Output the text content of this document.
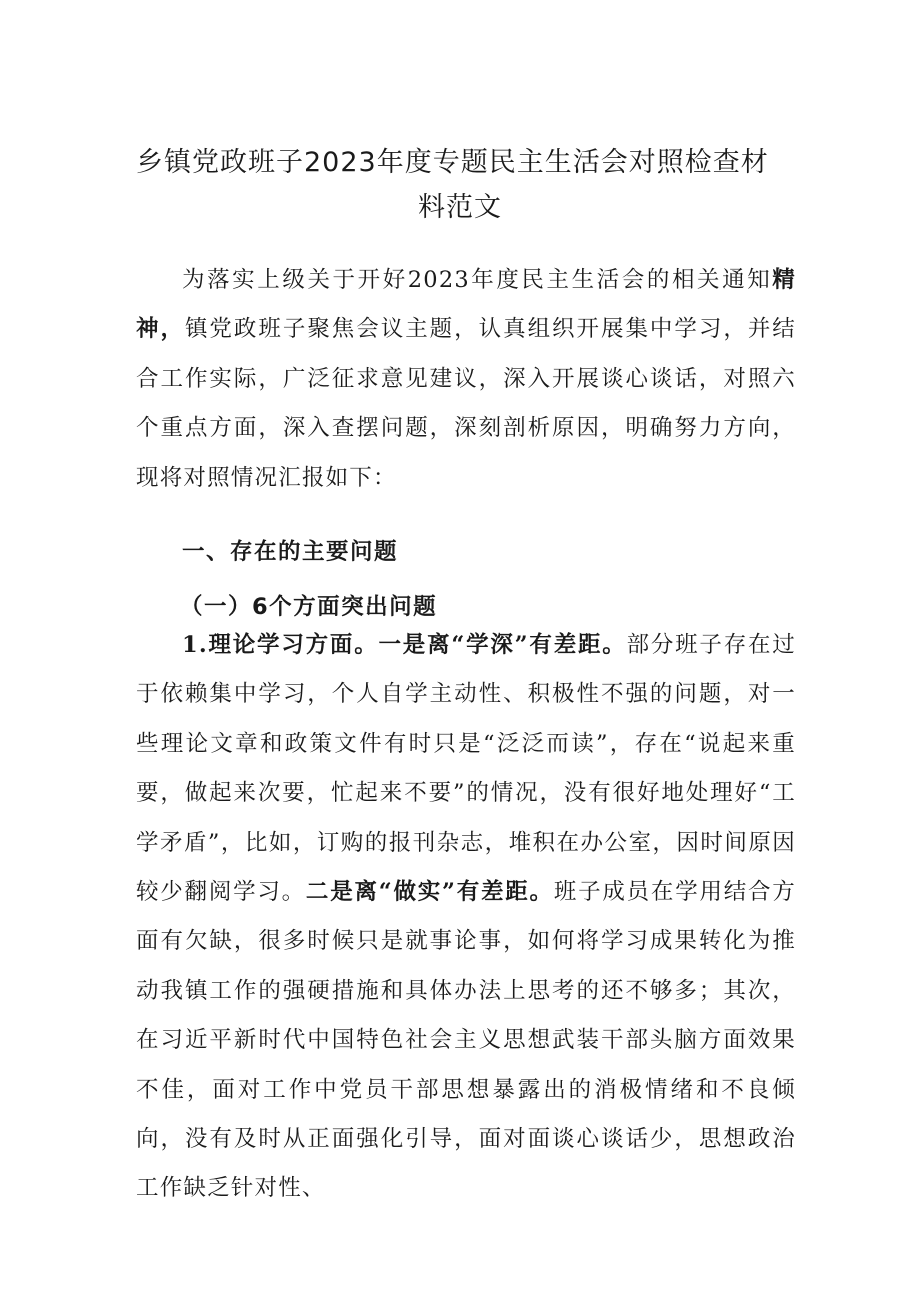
乡镇党政班子2023年度专题民主生活会对照检查材
料范文
为落实上级关于开好2023年度民主生活会的相关通知精神，镇党政班子聚焦会议主题，认真组织开展集中学习，并结合工作实际，广泛征求意见建议，深入开展谈心谈话，对照六个重点方面，深入查摆问题，深刻剖析原因，明确努力方向，现将对照情况汇报如下：
一、存在的主要问题
（一）6个方面突出问题
1.理论学习方面。一是离“学深”有差距。部分班子存在过于依赖集中学习，个人自学主动性、积极性不强的问题，对一些理论文章和政策文件有时只是“泛泛而读”，存在“说起来重要，做起来次要，忙起来不要”的情况，没有很好地处理好“工学矛盾”，比如，订购的报刊杂志，堆积在办公室，因时间原因较少翻阅学习。二是离“做实”有差距。班子成员在学用结合方面有欠缺，很多时候只是就事论事，如何将学习成果转化为推动我镇工作的强硬措施和具体办法上思考的还不够多；其次，在习近平新时代中国特色社会主义思想武装干部头脑方面效果不佳，面对工作中党员干部思想暴露出的消极情绪和不良倾向，没有及时从正面强化引导，面对面谈心谈话少，思想政治工作缺乏针对性、
